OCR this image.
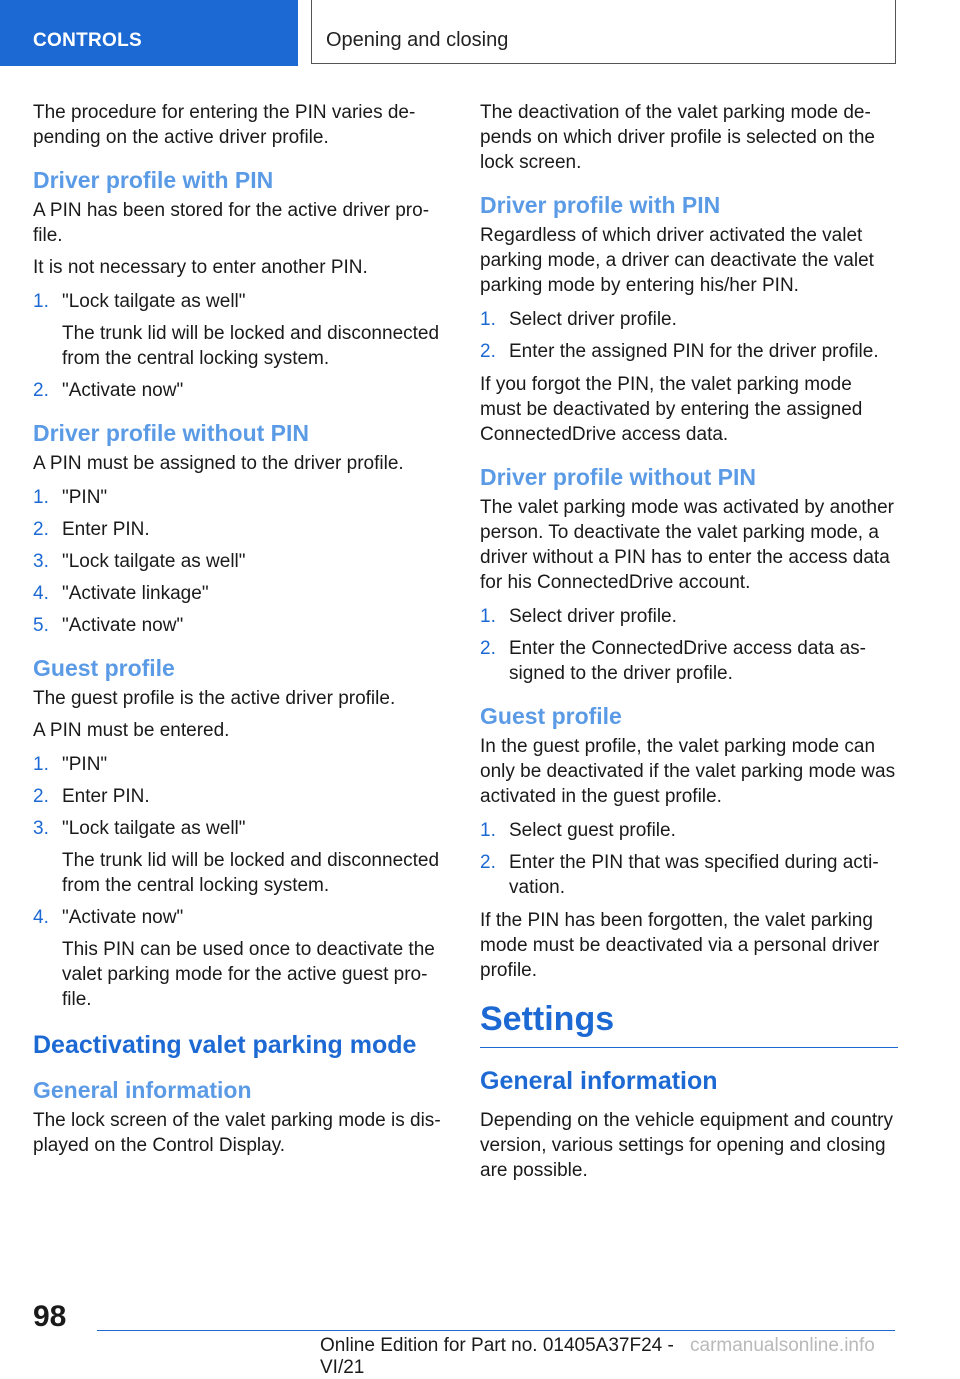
CONTROLS	Opening and closing

The procedure for entering the PIN varies depending on the active driver profile.

Driver profile with PIN

A PIN has been stored for the active driver profile.

It is not necessary to enter another PIN.

1. "Lock tailgate as well"
The trunk lid will be locked and disconnected from the central locking system.
2. "Activate now"
Driver profile without PIN

A PIN must be assigned to the driver profile.

1. "PIN"
2. Enter PIN.
3. "Lock tailgate as well"
4. "Activate linkage"
5. "Activate now"
Guest profile

The guest profile is the active driver profile.

A PIN must be entered.

1. "PIN"
2. Enter PIN.
3. "Lock tailgate as well"
The trunk lid will be locked and disconnected from the central locking system.
4. "Activate now"
This PIN can be used once to deactivate the valet parking mode for the active guest profile.
Deactivating valet parking mode
General information

The lock screen of the valet parking mode is displayed on the Control Display.

The deactivation of the valet parking mode depends on which driver profile is selected on the lock screen.

Driver profile with PIN

Regardless of which driver activated the valet parking mode, a driver can deactivate the valet parking mode by entering his/her PIN.

1. Select driver profile.
2. Enter the assigned PIN for the driver profile.

If you forgot the PIN, the valet parking mode must be deactivated by entering the assigned ConnectedDrive access data.

Driver profile without PIN

The valet parking mode was activated by another person. To deactivate the valet parking mode, a driver without a PIN has to enter the access data for his ConnectedDrive account.

1. Select driver profile.
2. Enter the ConnectedDrive access data assigned to the driver profile.
Guest profile

In the guest profile, the valet parking mode can only be deactivated if the valet parking mode was activated in the guest profile.

1. Select guest profile.
2. Enter the PIN that was specified during activation.

If the PIN has been forgotten, the valet parking mode must be deactivated via a personal driver profile.

Settings
General information

Depending on the vehicle equipment and country version, various settings for opening and closing are possible.

98
Online Edition for Part no. 01405A37F24 - VI/21
carmanualsonline.info
